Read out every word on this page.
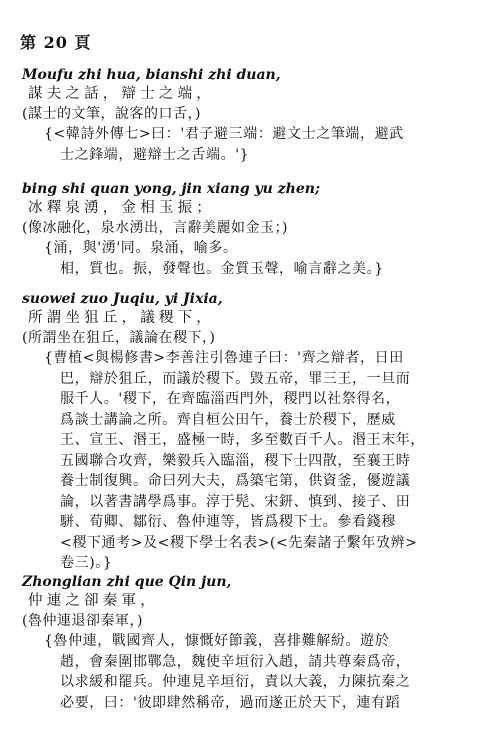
第 20 頁
Moufu zhi hua, bianshi zhi duan,
謀夫之話，辯士之端，
(謀士的文筆，說客的口舌，)
{<韓詩外傳七>曰：'君子避三端：避文士之筆端，避武
士之鋒端，避辯士之舌端。'}
bing shi quan yong, jin xiang yu zhen;
冰釋泉湧，金相玉振；
(像冰融化，泉水湧出，言辭美麗如金玉；)
{涌，與'湧'同。泉涌，喻多。
相，質也。振，發聲也。金質玉聲，喻言辭之美。}
suowei zuo Juqiu, yi Jixia,
所謂坐狙丘，議稷下，
(所謂坐在狙丘，議論在稷下，)
{曹植<與楊修書>李善注引魯連子曰：'齊之辯者，日田
巴，辯於狙丘，而議於稷下。毀五帝，罪三王，一旦而
服千人。'稷下，在齊臨淄西門外，稷門以社祭得名，
爲談士講論之所。齊自桓公田午，養士於稷下，歷威
王、宣王、湣王，盛極一時，多至數百千人。湣王末年，
五國聯合攻齊，樂毅兵入臨淄，稷下士四散，至襄王時
養士制復興。命曰列大夫，爲築宅第，供資釜，優遊議
論，以著書講學爲事。淳于髡、宋鈃、慎到、接子、田
駢、荀卿、鄒衍、魯仲連等，皆爲稷下士。參看錢穆
<稷下通考>及<稷下學士名表>(<先秦諸子繫年攷辨>
卷三)。}
Zhonglian zhi que Qin jun,
仲連之卻秦軍，
(魯仲連退卻秦軍，)
{魯仲連，戰國齊人，慷慨好節義，喜排難解紛。遊於
趙，會秦圍邯鄲急，魏使辛垣衍入趙，請共尊秦爲帝，
以求緩和罷兵。仲連見辛垣衍，責以大義，力陳抗秦之
必要，曰：'彼即肆然稱帝，過而遂正於天下，連有蹈
